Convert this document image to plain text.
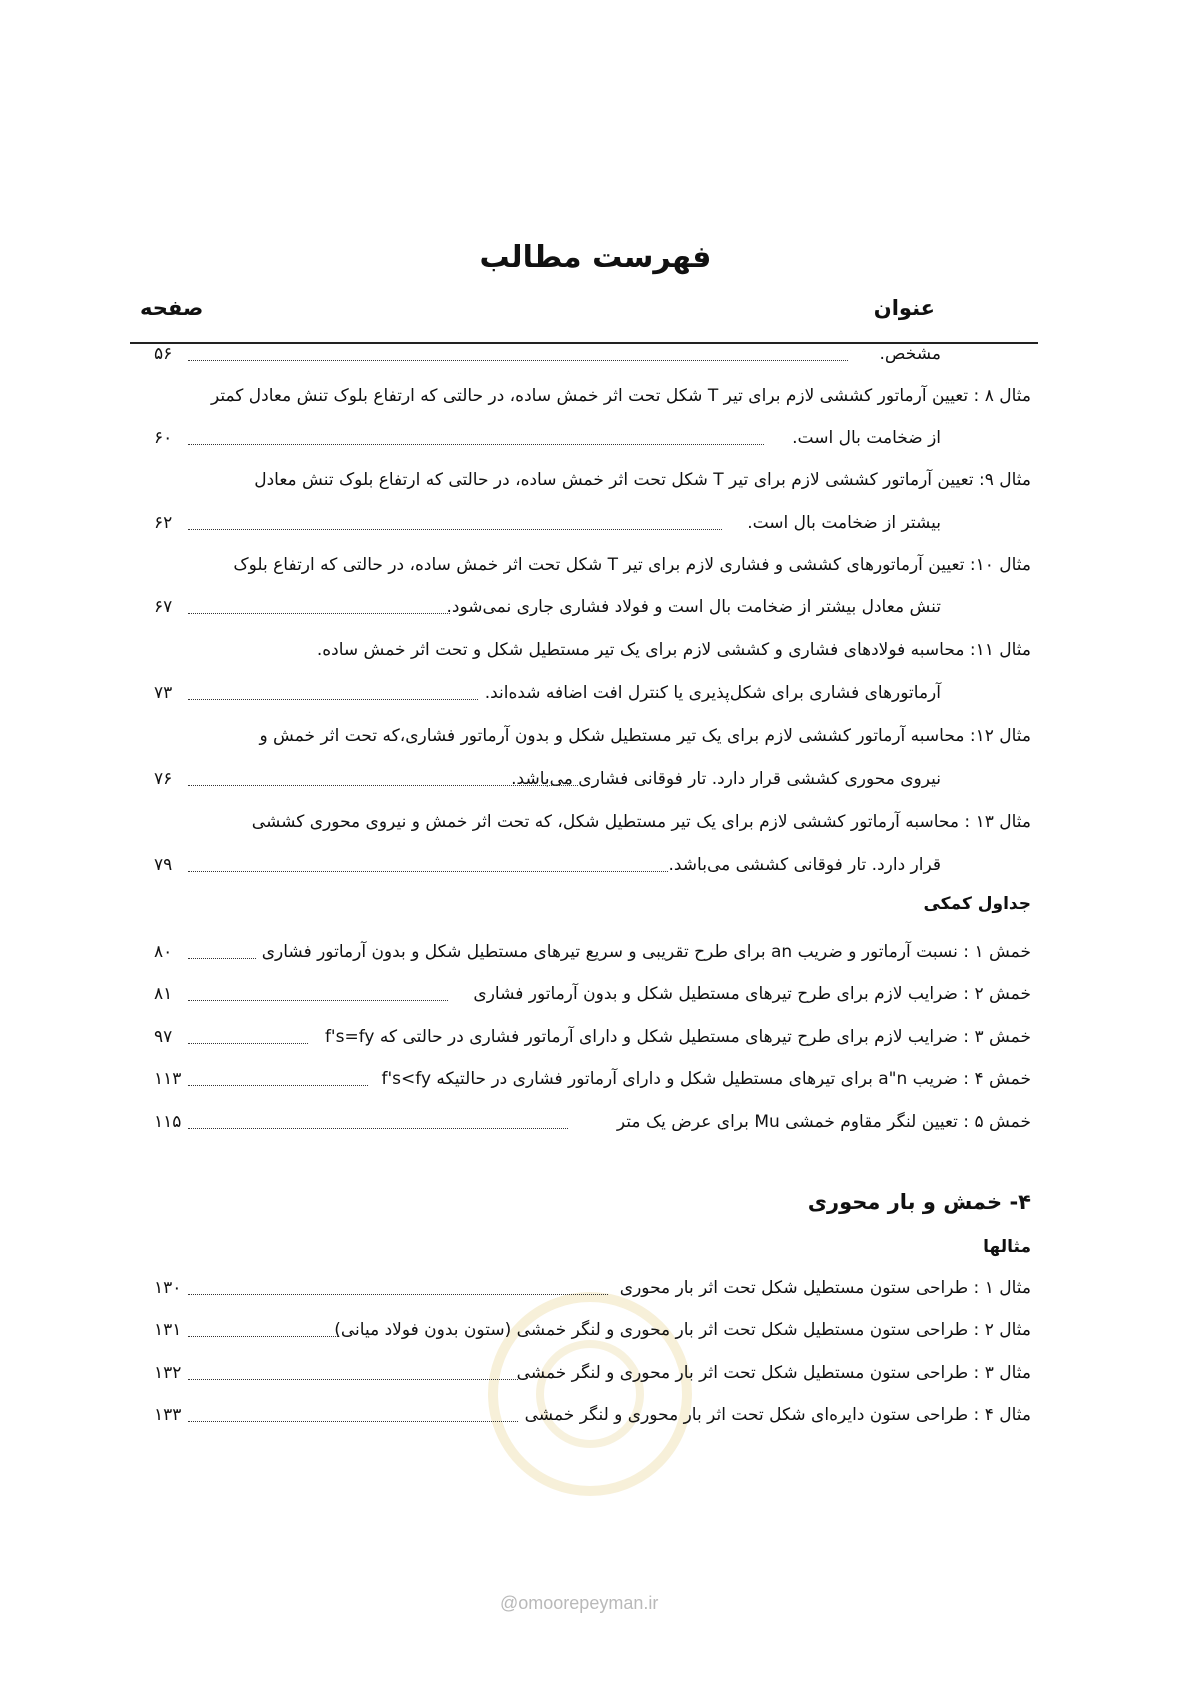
فهرست مطالب
عنوان
صفحه
مشخص.
۵۶
مثال ۸ : تعیین آرماتور کششی لازم برای تیر T شکل تحت اثر خمش ساده، در حالتی که ارتفاع بلوک تنش معادل کمتر
از ضخامت بال است.
۶۰
مثال ۹: تعیین آرماتور کششی لازم برای تیر T شکل تحت اثر خمش ساده، در حالتی که ارتفاع بلوک تنش معادل
بیشتر از ضخامت بال است.
۶۲
مثال ۱۰: تعیین آرماتورهای کششی و فشاری لازم برای تیر T شکل تحت اثر خمش ساده، در حالتی که ارتفاع بلوک
تنش معادل بیشتر از ضخامت بال است و فولاد فشاری جاری نمی‌شود.
۶۷
مثال ۱۱: محاسبه فولادهای فشاری و کششی لازم برای یک تیر مستطیل شکل و تحت اثر خمش ساده.
آرماتورهای فشاری برای شکل‌پذیری یا کنترل افت اضافه شده‌اند.
۷۳
مثال ۱۲: محاسبه آرماتور کششی لازم برای یک تیر مستطیل شکل و بدون آرماتور فشاری،که تحت اثر خمش و
نیروی محوری کششی قرار دارد. تار فوقانی فشاری می‌باشد.
۷۶
مثال ۱۳ : محاسبه آرماتور کششی لازم برای یک تیر مستطیل شکل، که تحت اثر خمش و نیروی محوری کششی
قرار دارد. تار فوقانی کششی می‌باشد.
۷۹
جداول کمکی
خمش ۱ : نسبت آرماتور و ضریب an برای طرح تقریبی و سریع تیرهای مستطیل شکل و بدون آرماتور فشاری
۸۰
خمش ۲ : ضرایب لازم برای طرح تیرهای مستطیل شکل و بدون آرماتور فشاری
۸۱
خمش ۳ : ضرایب لازم برای طرح تیرهای مستطیل شکل و دارای آرماتور فشاری در حالتی که f's=fy
۹۷
خمش ۴ : ضریب a"n برای تیرهای مستطیل شکل و دارای آرماتور فشاری در حالتیکه f's<fy
۱۱۳
خمش ۵ : تعیین لنگر مقاوم خمشی Mu برای عرض یک متر
۱۱۵
۴- خمش و بار محوری
مثالها
مثال ۱ : طراحی ستون مستطیل شکل تحت اثر بار محوری
۱۳۰
مثال ۲ : طراحی ستون مستطیل شکل تحت اثر بار محوری و لنگر خمشی (ستون بدون فولاد میانی)
۱۳۱
مثال ۳ : طراحی ستون مستطیل شکل تحت اثر بار محوری و لنگر خمشی
۱۳۲
مثال ۴ : طراحی ستون دایره‌ای شکل تحت اثر بار محوری و لنگر خمشی
۱۳۳
@omoorepeyman.ir
